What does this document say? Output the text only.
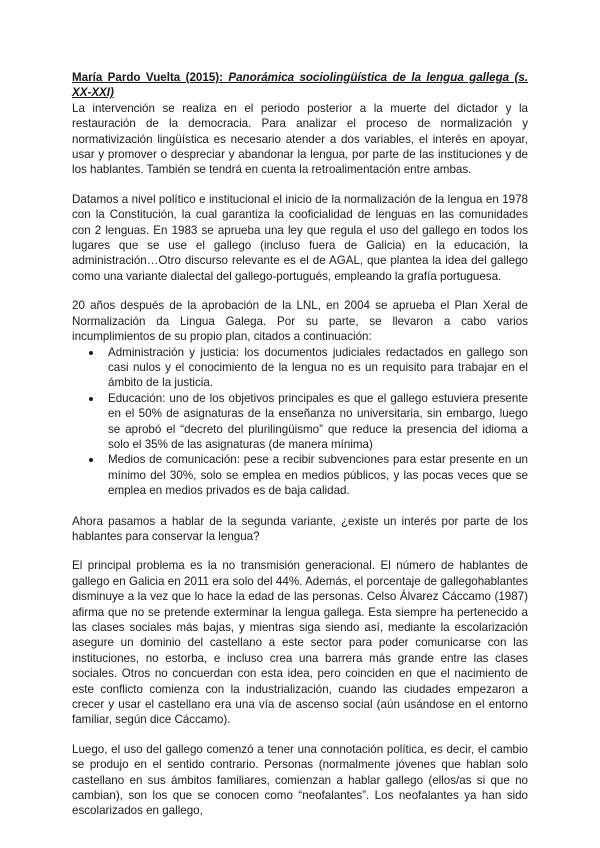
María Pardo Vuelta (2015): Panorámica sociolingüística de la lengua gallega (s. XX-XXI)

La intervención se realiza en el periodo posterior a la muerte del dictador y la restauración de la democracia. Para analizar el proceso de normalización y normativización lingüística es necesario atender a dos variables, el interés en apoyar, usar y promover o despreciar y abandonar la lengua, por parte de las instituciones y de los hablantes. También se tendrá en cuenta la retroalimentación entre ambas.

Datamos a nivel político e institucional el inicio de la normalización de la lengua en 1978 con la Constitución, la cual garantiza la cooficialidad de lenguas en las comunidades con 2 lenguas. En 1983 se aprueba una ley que regula el uso del gallego en todos los lugares que se use el gallego (incluso fuera de Galicia) en la educación, la administración…Otro discurso relevante es el de AGAL, que plantea la idea del gallego como una variante dialectal del gallego-portugués, empleando la grafía portuguesa.

20 años después de la aprobación de la LNL, en 2004 se aprueba el Plan Xeral de Normalización da Lingua Galega. Por su parte, se llevaron a cabo varios incumplimientos de su propio plan, citados a continuación:

Administración y justicia: los documentos judiciales redactados en gallego son casi nulos y el conocimiento de la lengua no es un requisito para trabajar en el ámbito de la justicia.
Educación: uno de los objetivos principales es que el gallego estuviera presente en el 50% de asignaturas de la enseñanza no universitaria, sin embargo, luego se aprobó el “decreto del plurilingüismo” que reduce la presencia del idioma a solo el 35% de las asignaturas (de manera mínima)
Medios de comunicación: pese a recibir subvenciones para estar presente en un mínimo del 30%, solo se emplea en medios públicos, y las pocas veces que se emplea en medios privados es de baja calidad.

Ahora pasamos a hablar de la segunda variante, ¿existe un interés por parte de los hablantes para conservar la lengua?

El principal problema es la no transmisión generacional. El número de hablantes de gallego en Galicia en 2011 era solo del 44%. Además, el porcentaje de gallegohablantes disminuye a la vez que lo hace la edad de las personas. Celso Álvarez Cáccamo (1987) afirma que no se pretende exterminar la lengua gallega. Esta siempre ha pertenecido a las clases sociales más bajas, y mientras siga siendo así, mediante la escolarización asegure un dominio del castellano a este sector para poder comunicarse con las instituciones, no estorba, e incluso crea una barrera más grande entre las clases sociales. Otros no concuerdan con esta idea, pero coinciden en que el nacimiento de este conflicto comienza con la industrialización, cuando las ciudades empezaron a crecer y usar el castellano era una vía de ascenso social (aún usándose en el entorno familiar, según dice Cáccamo).

Luego, el uso del gallego comenzó a tener una connotación política, es decir, el cambio se produjo en el sentido contrario. Personas (normalmente jóvenes que hablan solo castellano en sus ámbitos familiares, comienzan a hablar gallego (ellos/as si que no cambian), son los que se conocen como “neofalantes”. Los neofalantes ya han sido escolarizados en gallego,
